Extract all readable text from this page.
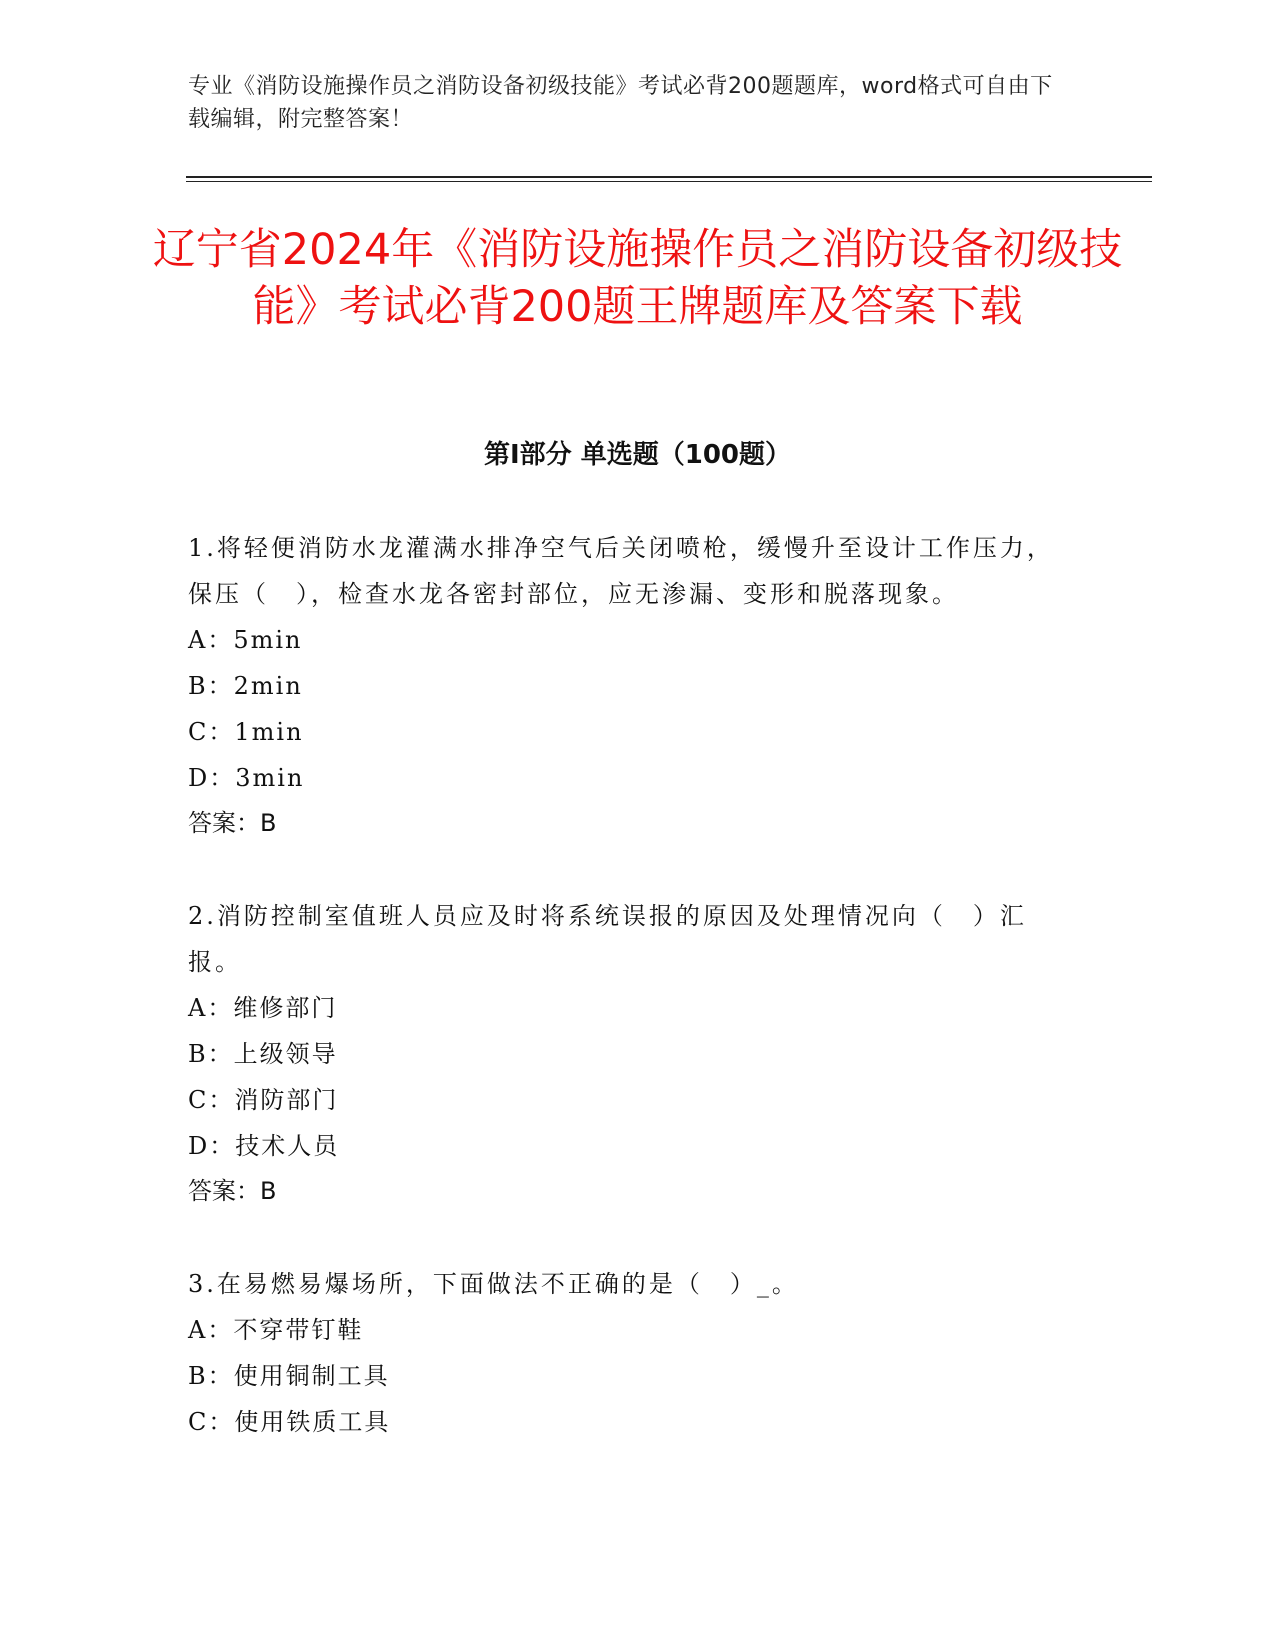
专业《消防设施操作员之消防设备初级技能》考试必背200题题库，word格式可自由下载编辑，附完整答案！
辽宁省2024年《消防设施操作员之消防设备初级技能》考试必背200题王牌题库及答案下载
第I部分 单选题（100题）

1.将轻便消防水龙灌满水排净空气后关闭喷枪，缓慢升至设计工作压力，保压（　），检查水龙各密封部位，应无渗漏、变形和脱落现象。

A：5min

B：2min

C：1min

D：3min

答案：B

2.消防控制室值班人员应及时将系统误报的原因及处理情况向（　）汇报。

A：维修部门

B：上级领导

C：消防部门

D：技术人员

答案：B

3.在易燃易爆场所，下面做法不正确的是（　）_。

A：不穿带钉鞋

B：使用铜制工具

C：使用铁质工具
